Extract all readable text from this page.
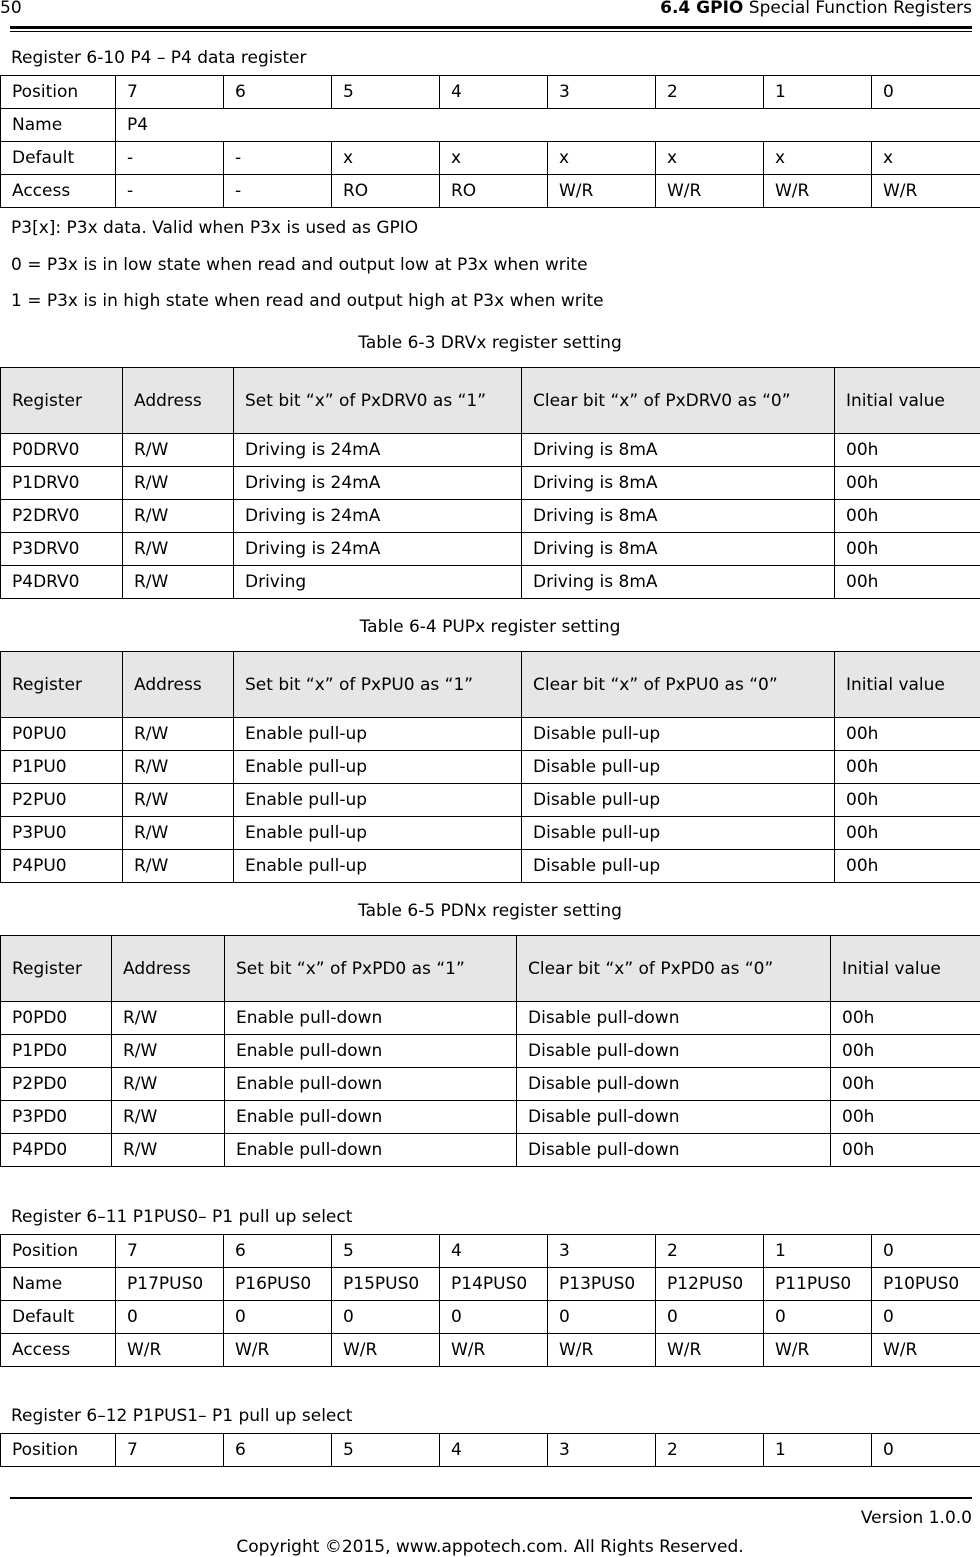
50	6.4 GPIO Special Function Registers
Register 6-10 P4 – P4 data register
Position	7	6	5	4	3	2	1	0
Name	P4							
Default	-	-	x	x	x	x	x	x
Access	-	-	RO	RO	W/R	W/R	W/R	W/R
P3[x]: P3x data. Valid when P3x is used as GPIO
0 = P3x is in low state when read and output low at P3x when write
1 = P3x is in high state when read and output high at P3x when write
Table 6-3 DRVx register setting
Register	Address	Set bit “x” of PxDRV0 as “1”	Clear bit “x” of PxDRV0 as “0”	Initial value
P0DRV0	R/W	Driving is 24mA	Driving is 8mA	00h
P1DRV0	R/W	Driving is 24mA	Driving is 8mA	00h
P2DRV0	R/W	Driving is 24mA	Driving is 8mA	00h
P3DRV0	R/W	Driving is 24mA	Driving is 8mA	00h
P4DRV0	R/W	Driving	Driving is 8mA	00h
Table 6-4 PUPx register setting
Register	Address	Set bit “x” of PxPU0 as “1”	Clear bit “x” of PxPU0 as “0”	Initial value
P0PU0	R/W	Enable pull-up	Disable pull-up	00h
P1PU0	R/W	Enable pull-up	Disable pull-up	00h
P2PU0	R/W	Enable pull-up	Disable pull-up	00h
P3PU0	R/W	Enable pull-up	Disable pull-up	00h
P4PU0	R/W	Enable pull-up	Disable pull-up	00h
Table 6-5 PDNx register setting
Register	Address	Set bit “x” of PxPD0 as “1”	Clear bit “x” of PxPD0 as “0”	Initial value
P0PD0	R/W	Enable pull-down	Disable pull-down	00h
P1PD0	R/W	Enable pull-down	Disable pull-down	00h
P2PD0	R/W	Enable pull-down	Disable pull-down	00h
P3PD0	R/W	Enable pull-down	Disable pull-down	00h
P4PD0	R/W	Enable pull-down	Disable pull-down	00h
Register 6–11 P1PUS0– P1 pull up select
Position	7	6	5	4	3	2	1	0
Name	P17PUS0	P16PUS0	P15PUS0	P14PUS0	P13PUS0	P12PUS0	P11PUS0	P10PUS0
Default	0	0	0	0	0	0	0	0
Access	W/R	W/R	W/R	W/R	W/R	W/R	W/R	W/R
Register 6–12 P1PUS1– P1 pull up select
Position	7	6	5	4	3	2	1	0
Version 1.0.0
Copyright ©2015, www.appotech.com. All Rights Reserved.
